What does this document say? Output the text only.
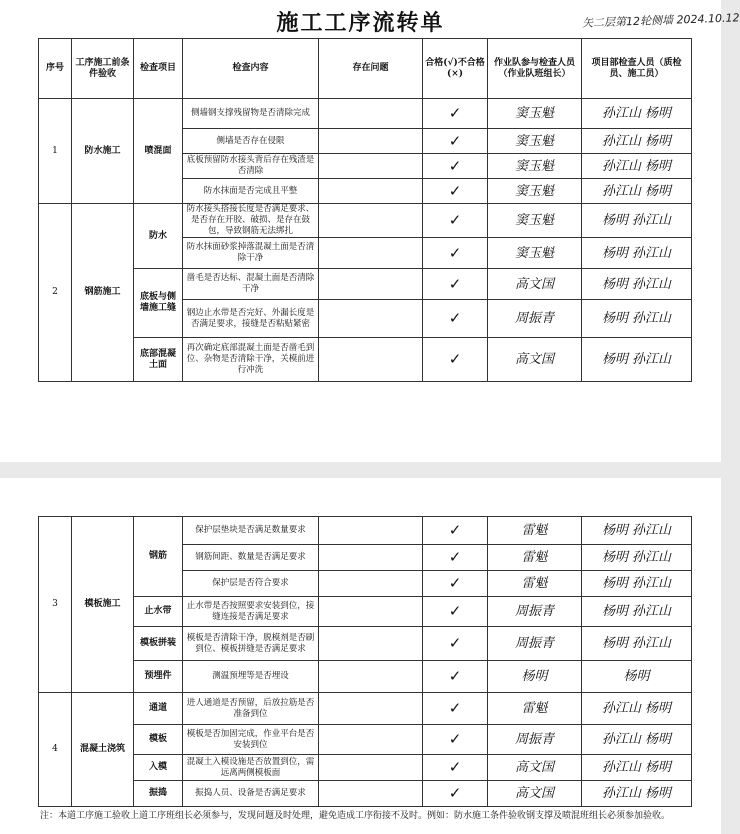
施工工序流转单	矢二层第12轮侧墙 2024.10.12
序号	工序施工前条件验收	检查项目	检查内容	存在问题	合格(√)不合格(×)	作业队参与检查人员（作业队班组长）	项目部检查人员（质检员、施工员）
1	防水施工	喷混面	侧墙钢支撑残留物是否清除完成		✓	窦玉魁	孙江山 杨明
			侧墙是否存在侵限		✓	窦玉魁	孙江山 杨明
			底板预留防水接头背后存在残渣是否清除		✓	窦玉魁	孙江山 杨明
			防水抹面是否完成且平整		✓	窦玉魁	孙江山 杨明
2	钢筋施工	防水	防水接头搭接长度是否满足要求、是否存在开胶、破损、是存在鼓包，导致钢筋无法绑扎		✓	窦玉魁	杨明 孙江山
			防水抹面砂浆掉落混凝土面是否清除干净		✓	窦玉魁	杨明 孙江山
		底板与侧墙施工缝	凿毛是否达标、混凝土面是否清除干净		✓	高文国	杨明 孙江山
			钢边止水带是否完好、外漏长度是否满足要求，接缝是否粘贴紧密		✓	周振青	杨明 孙江山
		底部混凝土面	再次确定底部混凝土面是否凿毛到位、杂物是否清除干净，关模前进行冲洗		✓	高文国	杨明 孙江山
3	模板施工	钢筋	保护层垫块是否满足数量要求		✓	雷魁	杨明 孙江山
			钢筋间距、数量是否满足要求		✓	雷魁	杨明 孙江山
			保护层是否符合要求		✓	雷魁	杨明 孙江山
		止水带	止水带是否按照要求安装到位，接缝连接是否满足要求		✓	周振青	杨明 孙江山
		模板拼装	模板是否清除干净，脱模剂是否刷到位、模板拼缝是否满足要求		✓	周振青	杨明 孙江山
		预埋件	测温预埋等是否埋设		✓	杨明	杨明
4	混凝土浇筑	通道	进人通道是否预留，后放拉筋是否准备到位		✓	雷魁	孙江山 杨明
		模板	模板是否加固完成，作业平台是否安装到位		✓	周振青	孙江山 杨明
		入模	混凝土入模设施是否放置到位，需远离两侧模板面		✓	高文国	孙江山 杨明
		振捣	振捣人员、设备是否满足要求		✓	高文国	孙江山 杨明
注：本道工序施工验收上道工序班组长必须参与，发现问题及时处理，避免造成工序衔接不及时。例如：防水施工条件验收钢支撑及喷混班组长必须参加验收。
